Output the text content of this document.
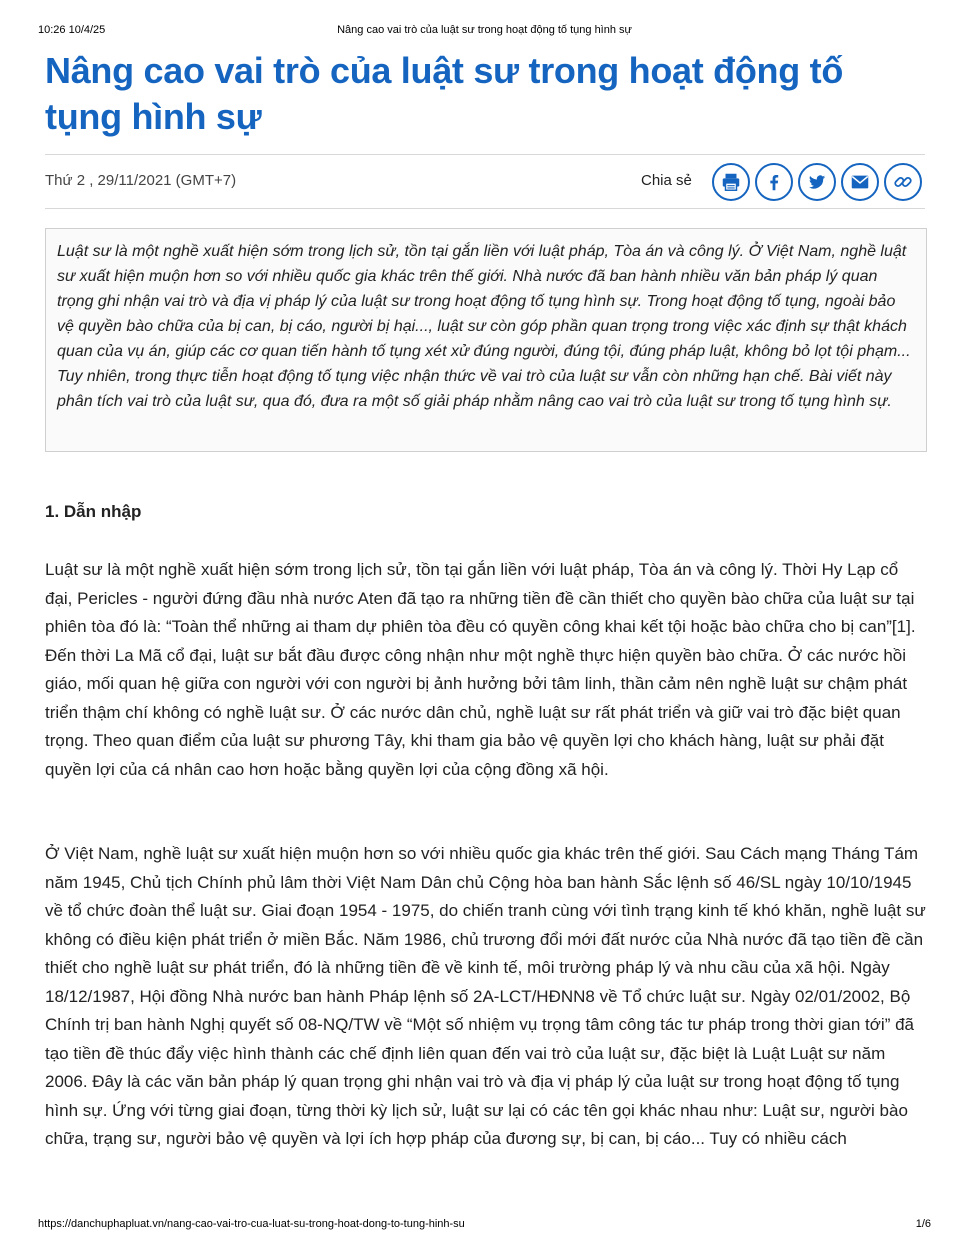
10:26 10/4/25	Nâng cao vai trò của luật sư trong hoạt động tố tụng hình sự
Nâng cao vai trò của luật sư trong hoạt động tố tụng hình sự
Thứ 2 , 29/11/2021 (GMT+7)	Chia sẻ
Luật sư là một nghề xuất hiện sớm trong lịch sử, tồn tại gắn liền với luật pháp, Tòa án và công lý. Ở Việt Nam, nghề luật sư xuất hiện muộn hơn so với nhiều quốc gia khác trên thế giới. Nhà nước đã ban hành nhiều văn bản pháp lý quan trọng ghi nhận vai trò và địa vị pháp lý của luật sư trong hoạt động tố tụng hình sự. Trong hoạt động tố tụng, ngoài bảo vệ quyền bào chữa của bị can, bị cáo, người bị hại..., luật sư còn góp phần quan trọng trong việc xác định sự thật khách quan của vụ án, giúp các cơ quan tiến hành tố tụng xét xử đúng người, đúng tội, đúng pháp luật, không bỏ lọt tội phạm... Tuy nhiên, trong thực tiễn hoạt động tố tụng việc nhận thức về vai trò của luật sư vẫn còn những hạn chế. Bài viết này phân tích vai trò của luật sư, qua đó, đưa ra một số giải pháp nhằm nâng cao vai trò của luật sư trong tố tụng hình sự.
1. Dẫn nhập

Luật sư là một nghề xuất hiện sớm trong lịch sử, tồn tại gắn liền với luật pháp, Tòa án và công lý. Thời Hy Lạp cổ đại, Pericles - người đứng đầu nhà nước Aten đã tạo ra những tiền đề cần thiết cho quyền bào chữa của luật sư tại phiên tòa đó là: “Toàn thể những ai tham dự phiên tòa đều có quyền công khai kết tội hoặc bào chữa cho bị can”[1]. Đến thời La Mã cổ đại, luật sư bắt đầu được công nhận như một nghề thực hiện quyền bào chữa. Ở các nước hồi giáo, mối quan hệ giữa con người với con người bị ảnh hưởng bởi tâm linh, thần cảm nên nghề luật sư chậm phát triển thậm chí không có nghề luật sư. Ở các nước dân chủ, nghề luật sư rất phát triển và giữ vai trò đặc biệt quan trọng. Theo quan điểm của luật sư phương Tây, khi tham gia bảo vệ quyền lợi cho khách hàng, luật sư phải đặt quyền lợi của cá nhân cao hơn hoặc bằng quyền lợi của cộng đồng xã hội.

Ở Việt Nam, nghề luật sư xuất hiện muộn hơn so với nhiều quốc gia khác trên thế giới. Sau Cách mạng Tháng Tám năm 1945, Chủ tịch Chính phủ lâm thời Việt Nam Dân chủ Cộng hòa ban hành Sắc lệnh số 46/SL ngày 10/10/1945 về tổ chức đoàn thể luật sư. Giai đoạn 1954 - 1975, do chiến tranh cùng với tình trạng kinh tế khó khăn, nghề luật sư không có điều kiện phát triển ở miền Bắc. Năm 1986, chủ trương đổi mới đất nước của Nhà nước đã tạo tiền đề cần thiết cho nghề luật sư phát triển, đó là những tiền đề về kinh tế, môi trường pháp lý và nhu cầu của xã hội. Ngày 18/12/1987, Hội đồng Nhà nước ban hành Pháp lệnh số 2A-LCT/HĐNN8 về Tổ chức luật sư. Ngày 02/01/2002, Bộ Chính trị ban hành Nghị quyết số 08-NQ/TW về “Một số nhiệm vụ trọng tâm công tác tư pháp trong thời gian tới” đã tạo tiền đề thúc đẩy việc hình thành các chế định liên quan đến vai trò của luật sư, đặc biệt là Luật Luật sư năm 2006. Đây là các văn bản pháp lý quan trọng ghi nhận vai trò và địa vị pháp lý của luật sư trong hoạt động tố tụng hình sự. Ứng với từng giai đoạn, từng thời kỳ lịch sử, luật sư lại có các tên gọi khác nhau như: Luật sư, người bào chữa, trạng sư, người bảo vệ quyền và lợi ích hợp pháp của đương sự, bị can, bị cáo... Tuy có nhiều cách

https://danchuphapluat.vn/nang-cao-vai-tro-cua-luat-su-trong-hoat-dong-to-tung-hinh-su	1/6
